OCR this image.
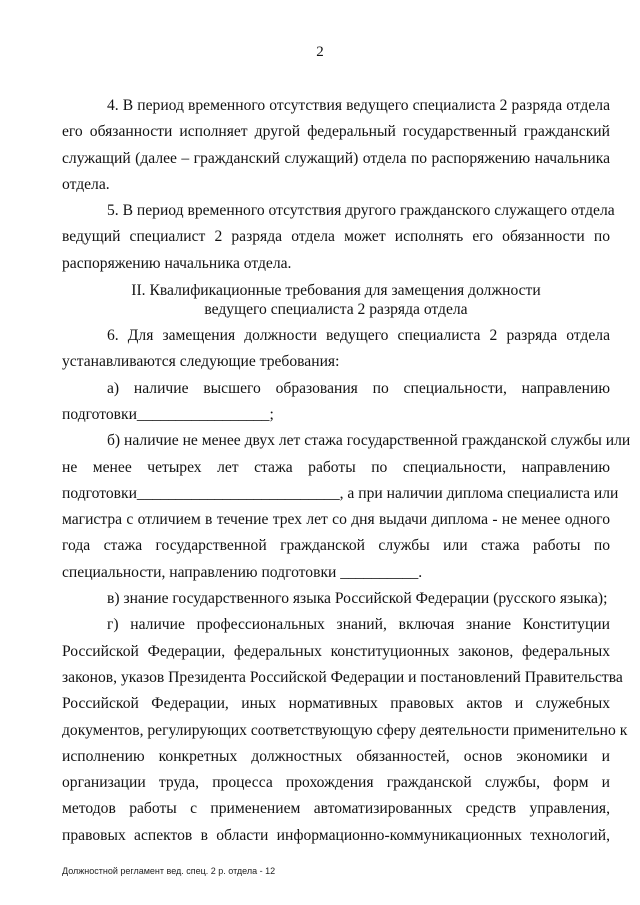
2

4. В период временного отсутствия ведущего специалиста 2 разряда отдела

его обязанности исполняет другой федеральный государственный гражданский

служащий (далее – гражданский служащий) отдела по распоряжению начальника

отдела.

5. В период временного отсутствия другого гражданского служащего отдела

ведущий специалист 2 разряда отдела может исполнять его обязанности по

распоряжению начальника отдела.

II. Квалификационные требования для замещения должности

ведущего специалиста 2 разряда отдела

6. Для замещения должности ведущего специалиста 2 разряда отдела

устанавливаются следующие требования:

а) наличие высшего образования по специальности, направлению

подготовки_________________;

б) наличие не менее двух лет стажа государственной гражданской службы или

не менее четырех лет стажа работы по специальности, направлению

подготовки__________________________, а при наличии диплома специалиста или

магистра с отличием в течение трех лет со дня выдачи диплома - не менее одного

года стажа государственной гражданской службы или стажа работы по

специальности, направлению подготовки __________.

в) знание государственного языка Российской Федерации (русского языка);

г) наличие профессиональных знаний, включая знание Конституции

Российской Федерации, федеральных конституционных законов, федеральных

законов, указов Президента Российской Федерации и постановлений Правительства

Российской Федерации, иных нормативных правовых актов и служебных

документов, регулирующих соответствующую сферу деятельности применительно к

исполнению конкретных должностных обязанностей, основ экономики и

организации труда, процесса прохождения гражданской службы, форм и

методов работы с применением автоматизированных средств управления,

правовых аспектов в области информационно-коммуникационных технологий,

Должностной регламент вед. спец. 2 р. отдела - 12
